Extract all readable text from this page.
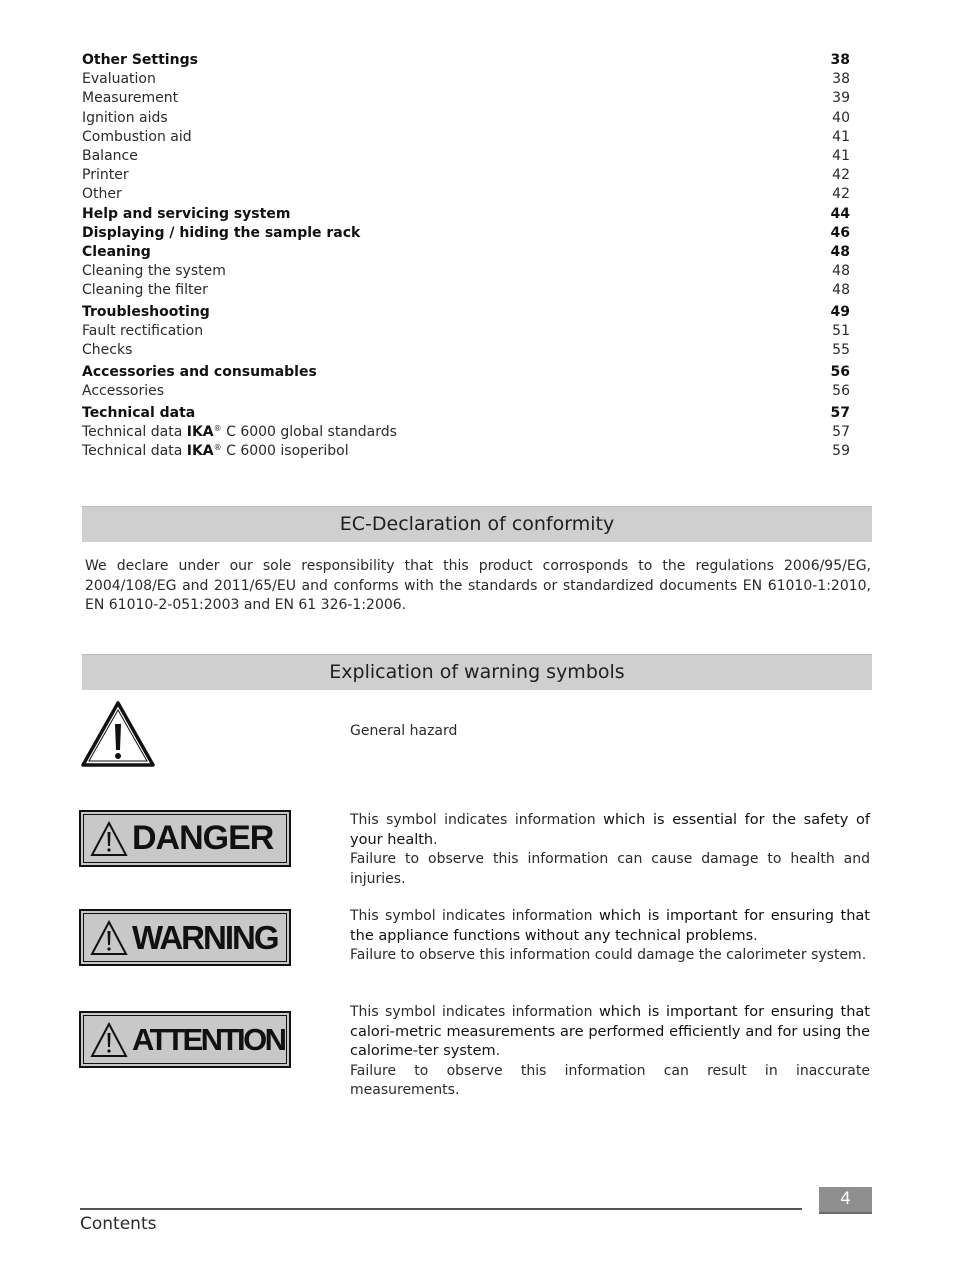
Other Settings	38
Evaluation	38
Measurement	39
Ignition aids	40
Combustion aid	41
Balance	41
Printer	42
Other	42
Help and servicing system	44
Displaying / hiding the sample rack	46
Cleaning	48
Cleaning the system	48
Cleaning the filter	48
Troubleshooting	49
Fault rectification	51
Checks	55
Accessories and consumables	56
Accessories	56
Technical data	57
Technical data IKA® C 6000 global standards	57
Technical data IKA® C 6000 isoperibol	59
EC-Declaration of conformity
We declare under our sole responsibility that this product corrosponds to the regulations 2006/95/EG, 2004/108/EG and 2011/65/EU and conforms with the standards or standardized documents EN 61010-1:2010, EN 61010-2-051:2003 and EN 61 326-1:2006.
Explication of warning symbols
General hazard
DANGER	This symbol indicates information which is essential for the safety of your health.
Failure to observe this information can cause damage to health and injuries.
WARNING
This symbol indicates information which is important for ensuring that the appliance functions without any technical problems.
Failure to observe this information could damage the calorimeter system.
ATTENTION
This symbol indicates information which is important for ensuring that calori-metric measurements are performed efficiently and for using the calorime-ter system.
Failure to observe this information can result in inaccurate measurements.
4
Contents
